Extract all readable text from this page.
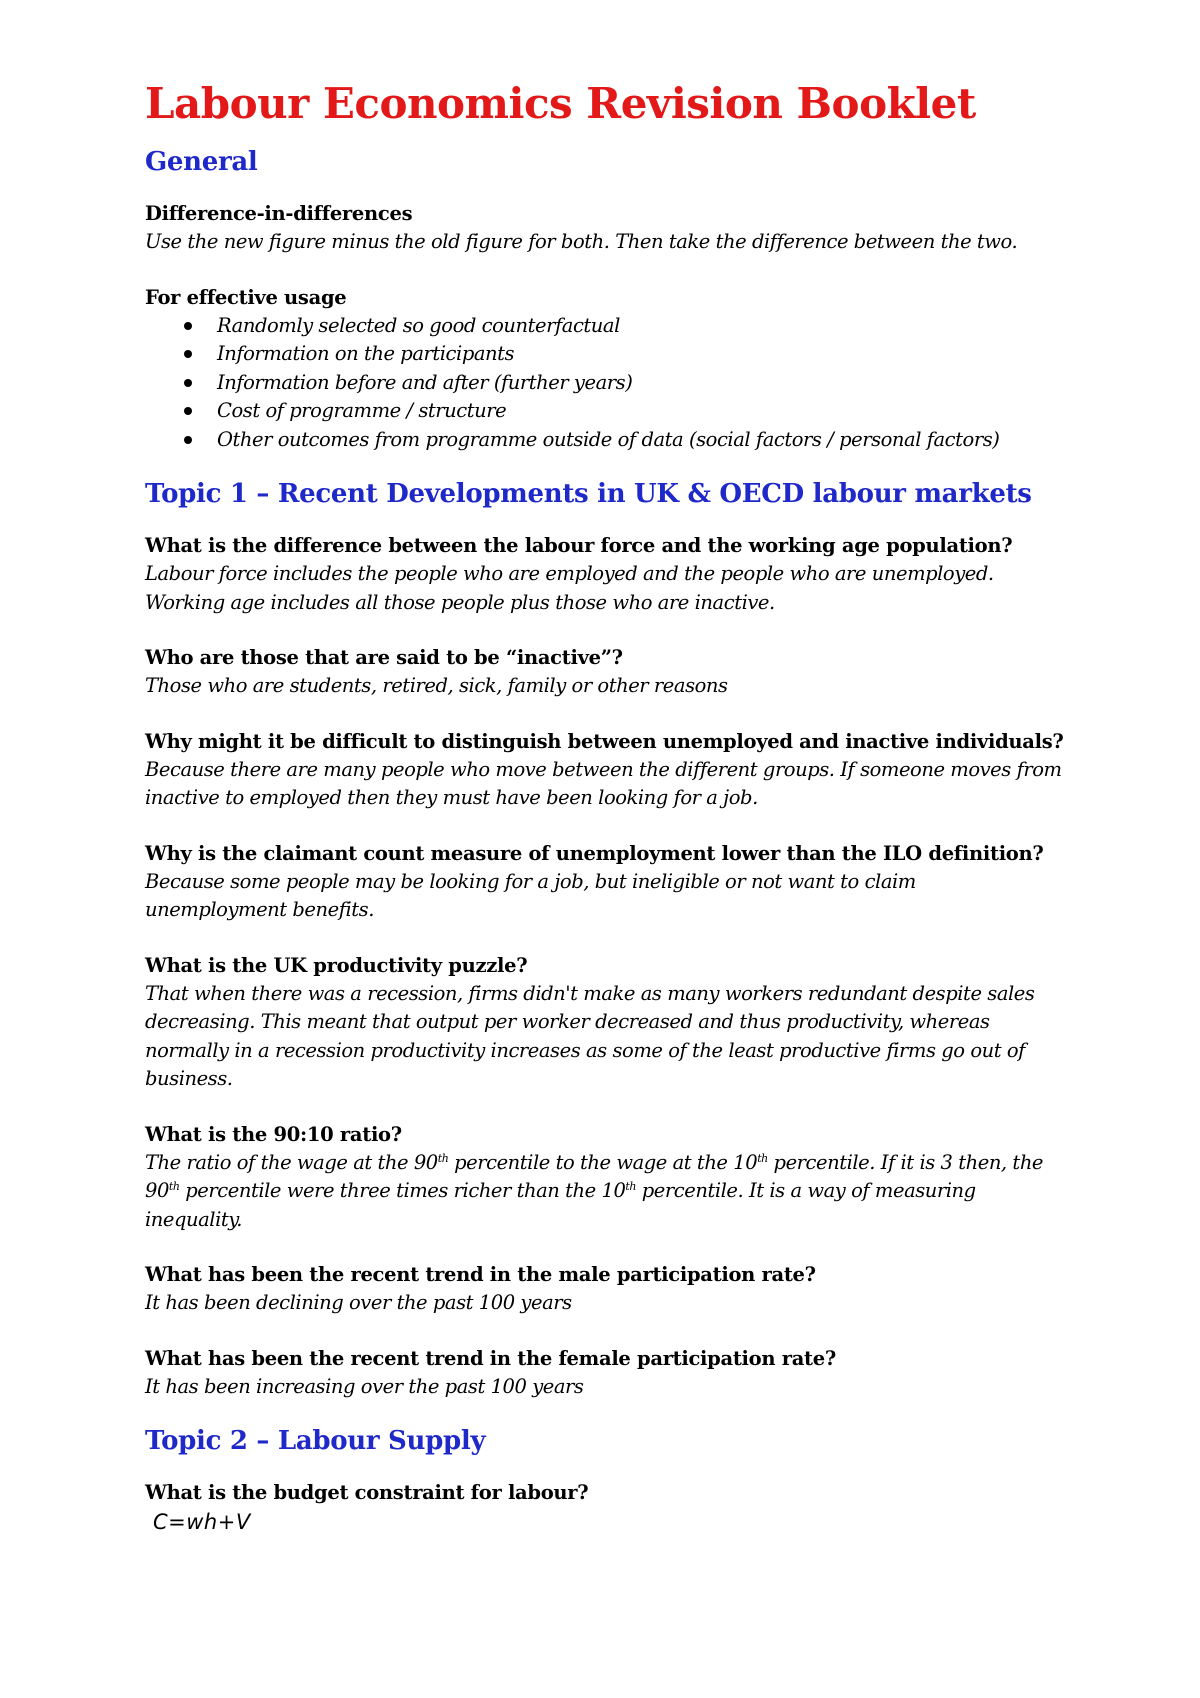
Labour Economics Revision Booklet
General

Difference-in-differences

Use the new figure minus the old figure for both. Then take the difference between the two.

For effective usage

Randomly selected so good counterfactual
Information on the participants
Information before and after (further years)
Cost of programme / structure
Other outcomes from programme outside of data (social factors / personal factors)
Topic 1 – Recent Developments in UK & OECD labour markets

What is the difference between the labour force and the working age population?

Labour force includes the people who are employed and the people who are unemployed.

Working age includes all those people plus those who are inactive.

Who are those that are said to be “inactive”?

Those who are students, retired, sick, family or other reasons

Why might it be difficult to distinguish between unemployed and inactive individuals?

Because there are many people who move between the different groups. If someone moves from

inactive to employed then they must have been looking for a job.

Why is the claimant count measure of unemployment lower than the ILO definition?

Because some people may be looking for a job, but ineligible or not want to claim

unemployment benefits.

What is the UK productivity puzzle?

That when there was a recession, firms didn't make as many workers redundant despite sales

decreasing. This meant that output per worker decreased and thus productivity, whereas

normally in a recession productivity increases as some of the least productive firms go out of

business.

What is the 90:10 ratio?

The ratio of the wage at the 90th percentile to the wage at the 10th percentile. If it is 3 then, the

90th percentile were three times richer than the 10th percentile. It is a way of measuring

inequality.

What has been the recent trend in the male participation rate?

It has been declining over the past 100 years

What has been the recent trend in the female participation rate?

It has been increasing over the past 100 years

Topic 2 – Labour Supply

What is the budget constraint for labour?

C=wh+V
